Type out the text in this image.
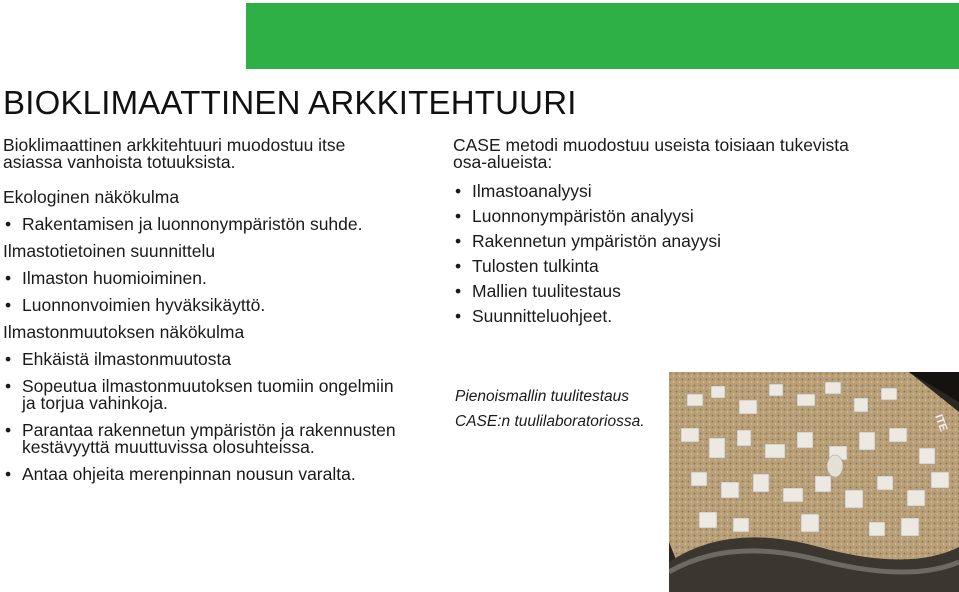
BIOKLIMAATTINEN ARKKITEHTUURI

Bioklimaattinen arkkitehtuuri muodostuu itse asiassa vanhoista totuuksista.

Ekologinen näkökulma

• Rakentamisen ja luonnonympäristön suhde.

Ilmastotietoinen suunnittelu

• Ilmaston huomioiminen.

• Luonnonvoimien hyväksikäyttö.

Ilmastonmuutoksen näkökulma

• Ehkäistä ilmastonmuutosta

• Sopeutua ilmastonmuutoksen tuomiin ongelmiin ja torjua vahinkoja.

• Parantaa rakennetun ympäristön ja rakennusten kestävyyttä muuttuvissa olosuhteissa.

• Antaa ohjeita merenpinnan nousun varalta.

CASE metodi muodostuu useista toisiaan tukevista osa-alueista:

• Ilmastoanalyysi

• Luonnonympäristön analyysi

• Rakennetun ympäristön anayysi

• Tulosten tulkinta

• Mallien tuulitestaus

• Suunnitteluohjeet.

Pienoismallin tuulitestaus
CASE:n tuulilaboratoriossa.	ITE
